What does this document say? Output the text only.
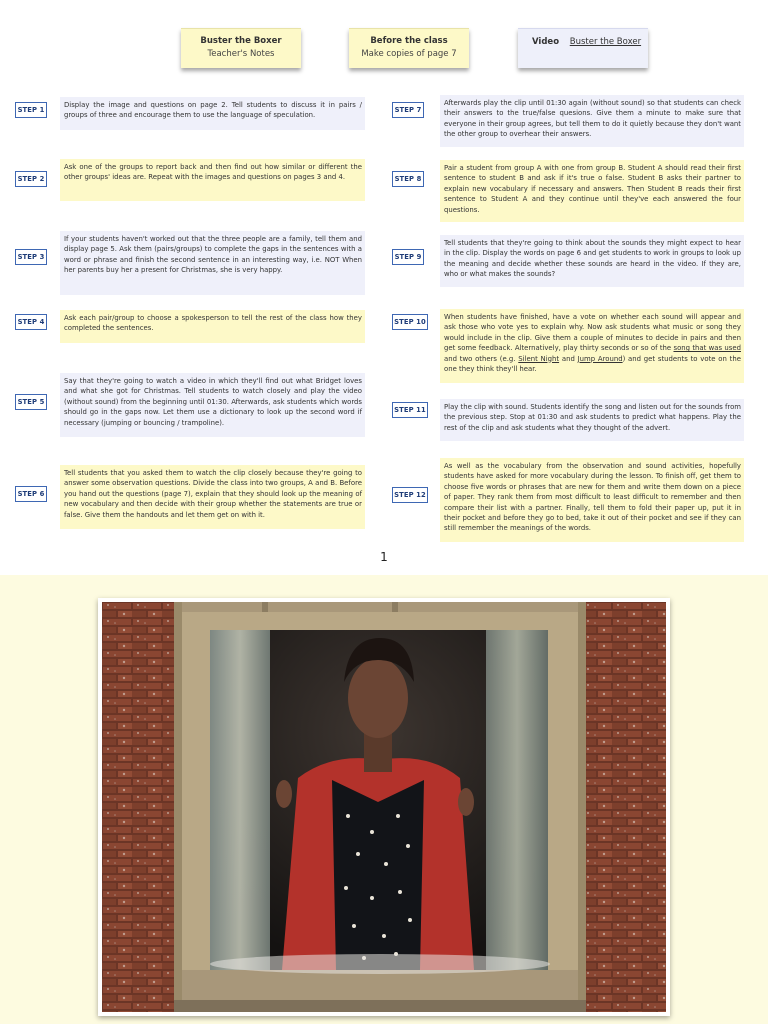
Buster the Boxer
Teacher's Notes
Before the class
Make copies of page 7
Video Buster the Boxer
STEP 1
Display the image and questions on page 2. Tell students to discuss it in pairs / groups of three and encourage them to use the language of speculation.
STEP 2
Ask one of the groups to report back and then find out how similar or different the other groups' ideas are. Repeat with the images and questions on pages 3 and 4.
STEP 3
If your students haven't worked out that the three people are a family, tell them and display page 5. Ask them (pairs/groups) to complete the gaps in the sentences with a word or phrase and finish the second sentence in an interesting way, i.e. NOT When her parents buy her a present for Christmas, she is very happy.
STEP 4	Ask each pair/group to choose a spokesperson to tell the rest of the class how they completed the sentences.
STEP 5
Say that they're going to watch a video in which they'll find out what Bridget loves and what she got for Christmas. Tell students to watch closely and play the video (without sound) from the beginning until 01:30. Afterwards, ask students which words should go in the gaps now. Let them use a dictionary to look up the second word if necessary (jumping or bouncing / trampoline).
STEP 6
Tell students that you asked them to watch the clip closely because they're going to answer some observation questions. Divide the class into two groups, A and B. Before you hand out the questions (page 7), explain that they should look up the meaning of new vocabulary and then decide with their group whether the statements are true or false. Give them the handouts and let them get on with it.
STEP 7
Afterwards play the clip until 01:30 again (without sound) so that students can check their answers to the true/false quesions. Give them a minute to make sure that everyone in their group agrees, but tell them to do it quietly because they don't want the other group to overhear their answers.
STEP 8
Pair a student from group A with one from group B. Student A should read their first sentence to student B and ask if it's true o false. Student B asks their partner to explain new vocabulary if necessary and answers. Then Student B reads their first sentence to Student A and they continue until they've each answered the four questions.
STEP 9
Tell students that they're going to think about the sounds they might expect to hear in the clip. Display the words on page 6 and get students to work in groups to look up the meaning and decide whether these sounds are heard in the video. If they are, who or what makes the sounds?
STEP 10
When students have finished, have a vote on whether each sound will appear and ask those who vote yes to explain why. Now ask students what music or song they would include in the clip. Give them a couple of minutes to decide in pairs and then get some feedback. Alternatively, play thirty seconds or so of the song that was used and two others (e.g. Silent Night and Jump Around) and get students to vote on the one they think they'll hear.
STEP 11	Play the clip with sound. Students identify the song and listen out for the sounds from the previous step. Stop at 01:30 and ask students to predict what happens. Play the rest of the clip and ask students what they thought of the advert.
STEP 12
As well as the vocabulary from the observation and sound activities, hopefully students have asked for more vocabulary during the lesson. To finish off, get them to choose five words or phrases that are new for them and write them down on a piece of paper. They rank them from most difficult to least difficult to remember and then compare their list with a partner. Finally, tell them to fold their paper up, put it in their pocket and before they go to bed, take it out of their pocket and see if they can still remember the meanings of the words.
1
